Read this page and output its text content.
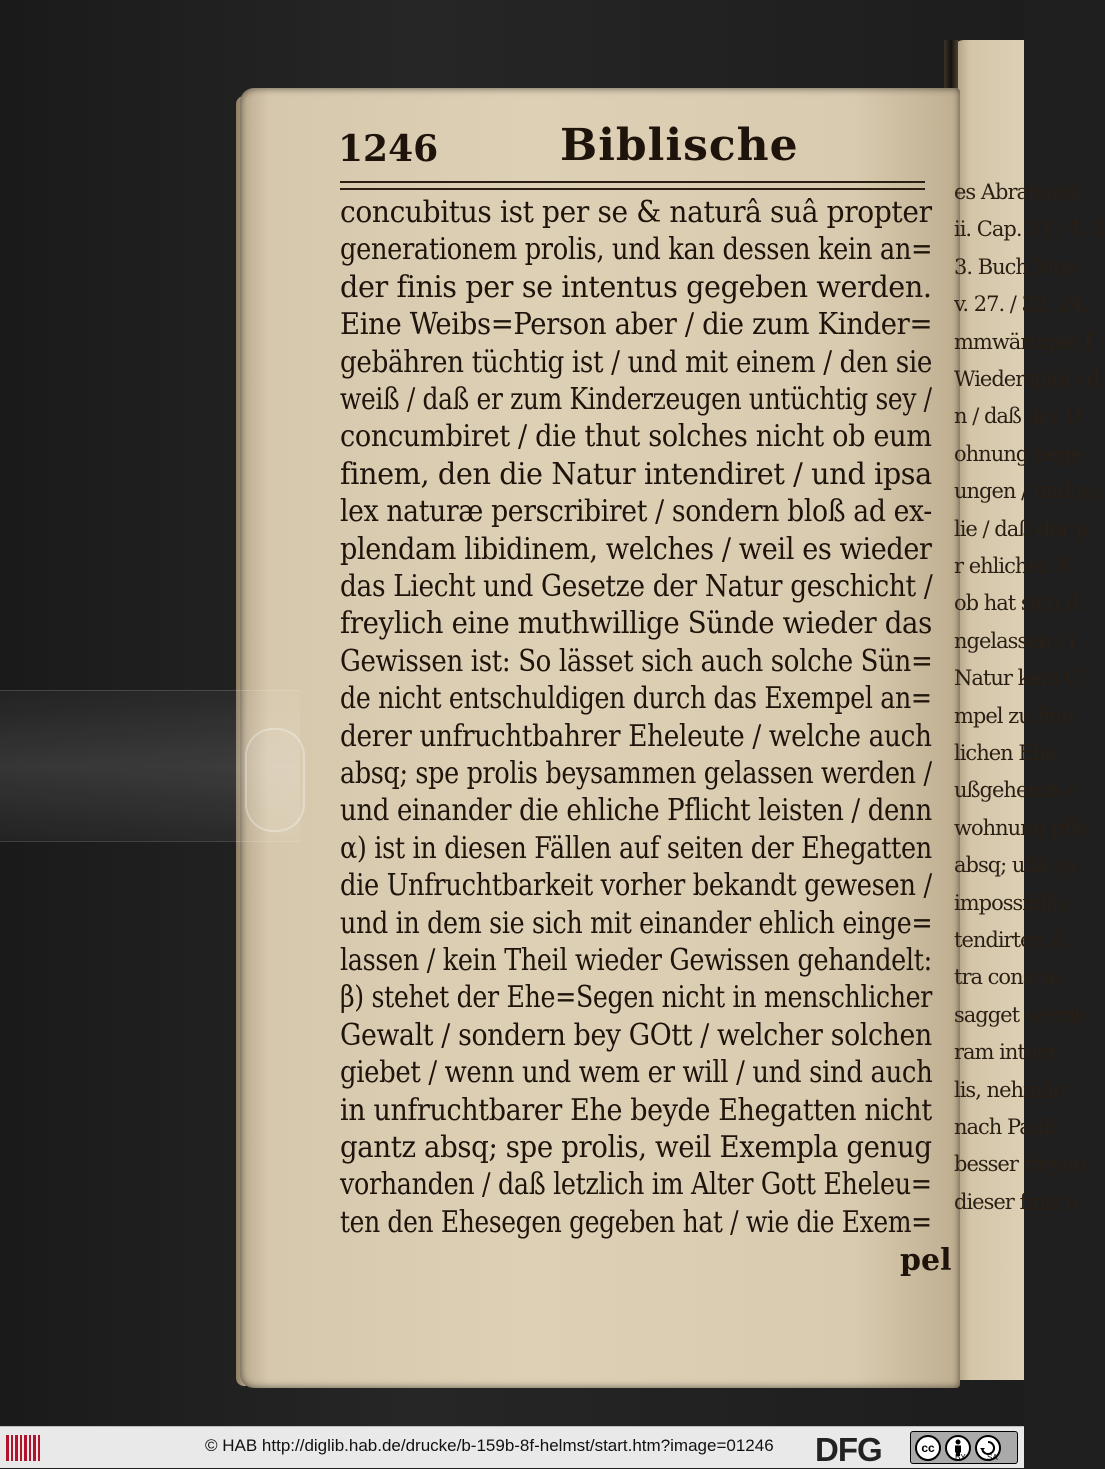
1246	Biblische
concubitus ist per se & naturâ suâ propter
generationem prolis, und kan dessen kein an=
der finis per se intentus gegeben werden.
Eine Weibs=Person aber / die zum Kinder=
gebähren tüchtig ist / und mit einem / den sie
weiß / daß er zum Kinderzeugen untüchtig sey /
concumbiret / die thut solches nicht ob eum
finem, den die Natur intendiret / und ipsa
lex naturæ perscribiret / sondern bloß ad ex-
plendam libidinem, welches / weil es wieder
das Liecht und Gesetze der Natur geschicht /
freylich eine muthwillige Sünde wieder das
Gewissen ist: So lässet sich auch solche Sün=
de nicht entschuldigen durch das Exempel an=
derer unfruchtbahrer Eheleute / welche auch
absq; spe prolis beysammen gelassen werden /
und einander die ehliche Pflicht leisten / denn
α) ist in diesen Fällen auf seiten der Ehegatten
die Unfruchtbarkeit vorher bekandt gewesen /
und in dem sie sich mit einander ehlich einge=
lassen / kein Theil wieder Gewissen gehandelt:
β) stehet der Ehe=Segen nicht in menschlicher
Gewalt / sondern bey GOtt / welcher solchen
giebet / wenn und wem er will / und sind auch
in unfruchtbarer Ehe beyde Ehegatten nicht
gantz absq; spe prolis, weil Exempla genug
vorhanden / daß letzlich im Alter Gott Eheleu=
ten den Ehesegen gegeben hat / wie die Exem=
pel
es Abrahams
ii. Cap. 21 / 1. 2
3. Buch Mos
v. 27. / 32. 24.
mmwärtigen f
Wiederspiel / d
n / daß der D
ohnung bege
ungen / und na
lie / daß der p
r ehlichen N
ob hat sich d
ngelassen / i
Natur kein G
mpel zu find
lichen Ehe
ußgehends c
wohnung pfle
absq; ullâ sp
impossibilis
tendirten Z
tra conscie
sagget werde
ram intent
lis, nehmlic
nach Pauli
besser freyen
dieser finis n
© HAB http://diglib.hab.de/drucke/b-159b-8f-helmst/start.htm?image=01246 DFG	cc
BY	SA
